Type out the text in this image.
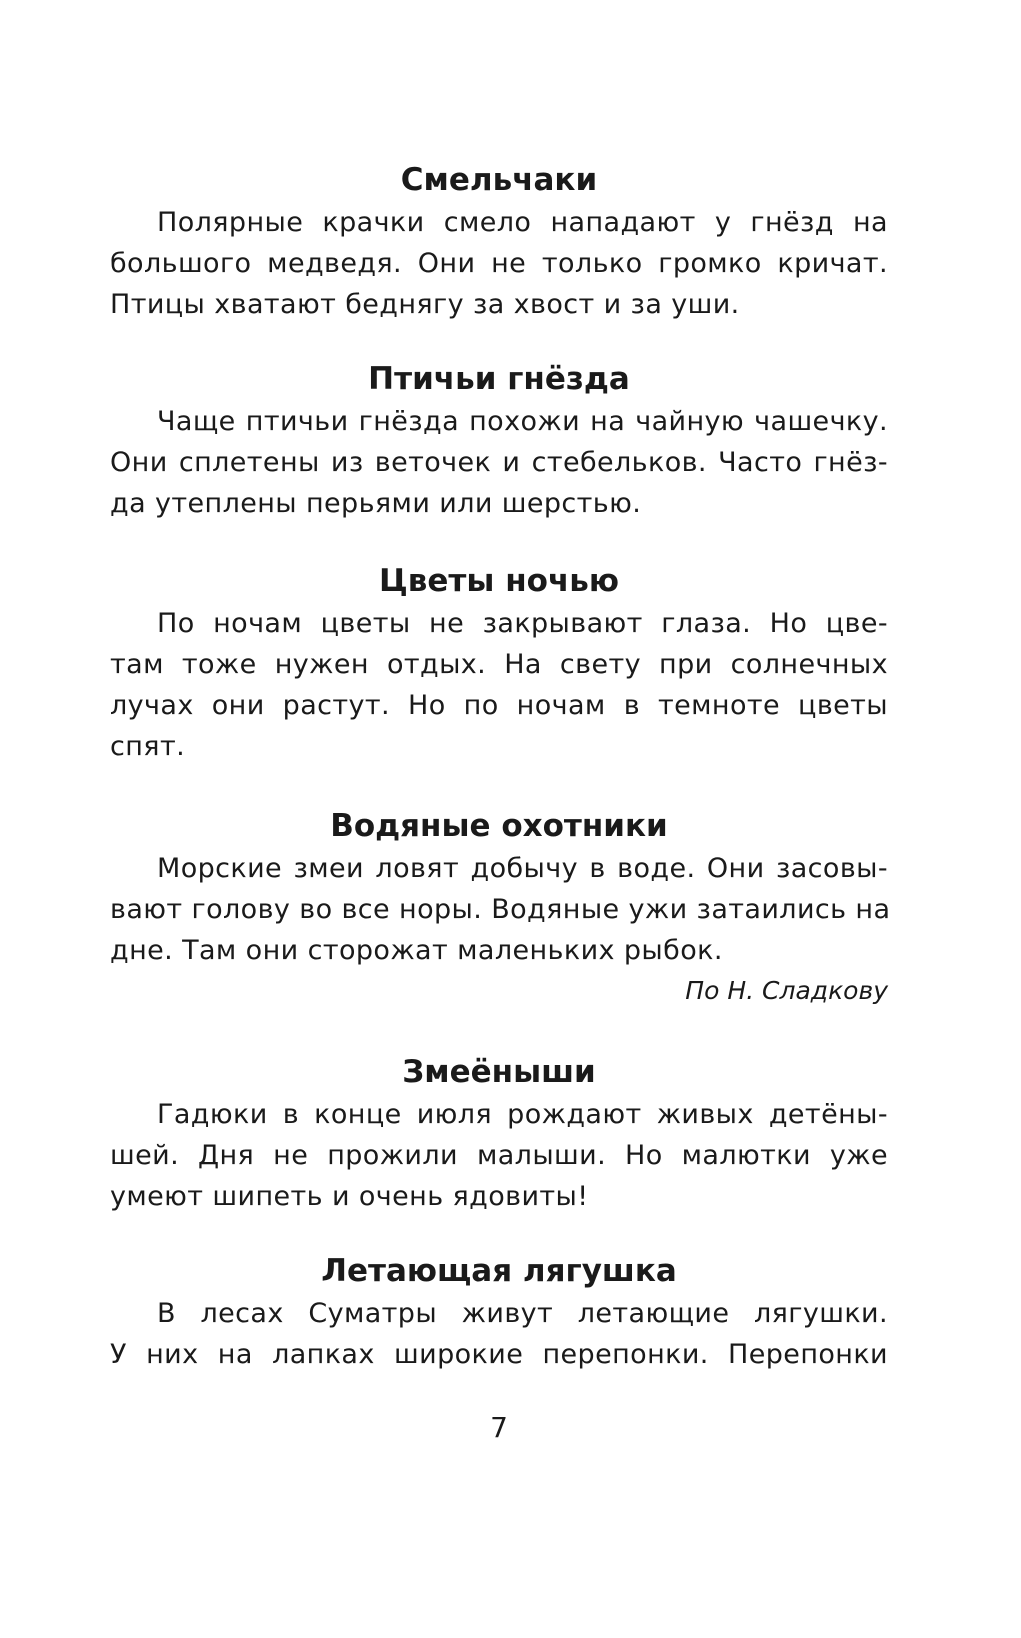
Смельчаки
Полярные крачки смело нападают у гнёзд на
большого медведя. Они не только громко кричат.
Птицы хватают беднягу за хвост и за уши.
Птичьи гнёзда
Чаще птичьи гнёзда похожи на чайную чашечку.
Они сплетены из веточек и стебельков. Часто гнёз-
да утеплены перьями или шерстью.
Цветы ночью
По ночам цветы не закрывают глаза. Но цве-
там тоже нужен отдых. На свету при солнечных
лучах они растут. Но по ночам в темноте цветы
спят.
Водяные охотники
Морские змеи ловят добычу в воде. Они засовы-
вают голову во все норы. Водяные ужи затаились на
дне. Там они сторожат маленьких рыбок.
По Н. Сладкову
Змеёныши
Гадюки в конце июля рождают живых детёны-
шей. Дня не прожили малыши. Но малютки уже
умеют шипеть и очень ядовиты!
Летающая лягушка
В лесах Суматры живут летающие лягушки.
У них на лапках широкие перепонки. Перепонки
7
